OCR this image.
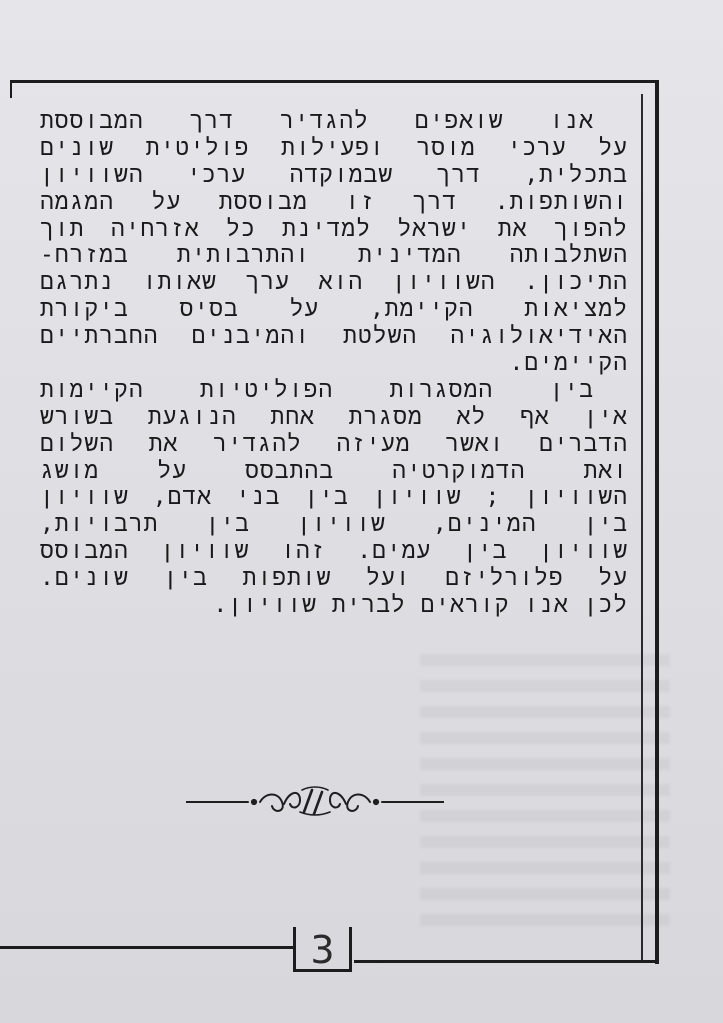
אנו שואפים להגדיר דרך המבוססת
על ערכי מוסר ופעילות פוליטית שונים
בתכלית, דרך שבמוקדה ערכי השוויון
והשותפות. דרך זו מבוססת על המגמה
להפוך את ישראל למדינת כל אזרחיה תוך
השתלבותה המדינית והתרבותית במזרח-
התיכון. השוויון הוא ערך שאותו נתרגם
למציאות הקיימת, על בסיס ביקורת
האידיאולוגיה השלטת והמיבנים החברתיים
הקיימים.
בין המסגרות הפוליטיות הקיימות
אין אף לא מסגרת אחת הנוגעת בשורש
הדברים ואשר מעיזה להגדיר את השלום
ואת הדמוקרטיה בהתבסס על מושג
השוויון ; שוויון בין בני אדם, שוויון
בין המינים, שוויון בין תרבויות,
שוויון בין עמים. זהו שוויון המבוסס
על פלורליזם ועל שותפות בין שונים.
לכן אנו קוראים לברית שוויון.
3
